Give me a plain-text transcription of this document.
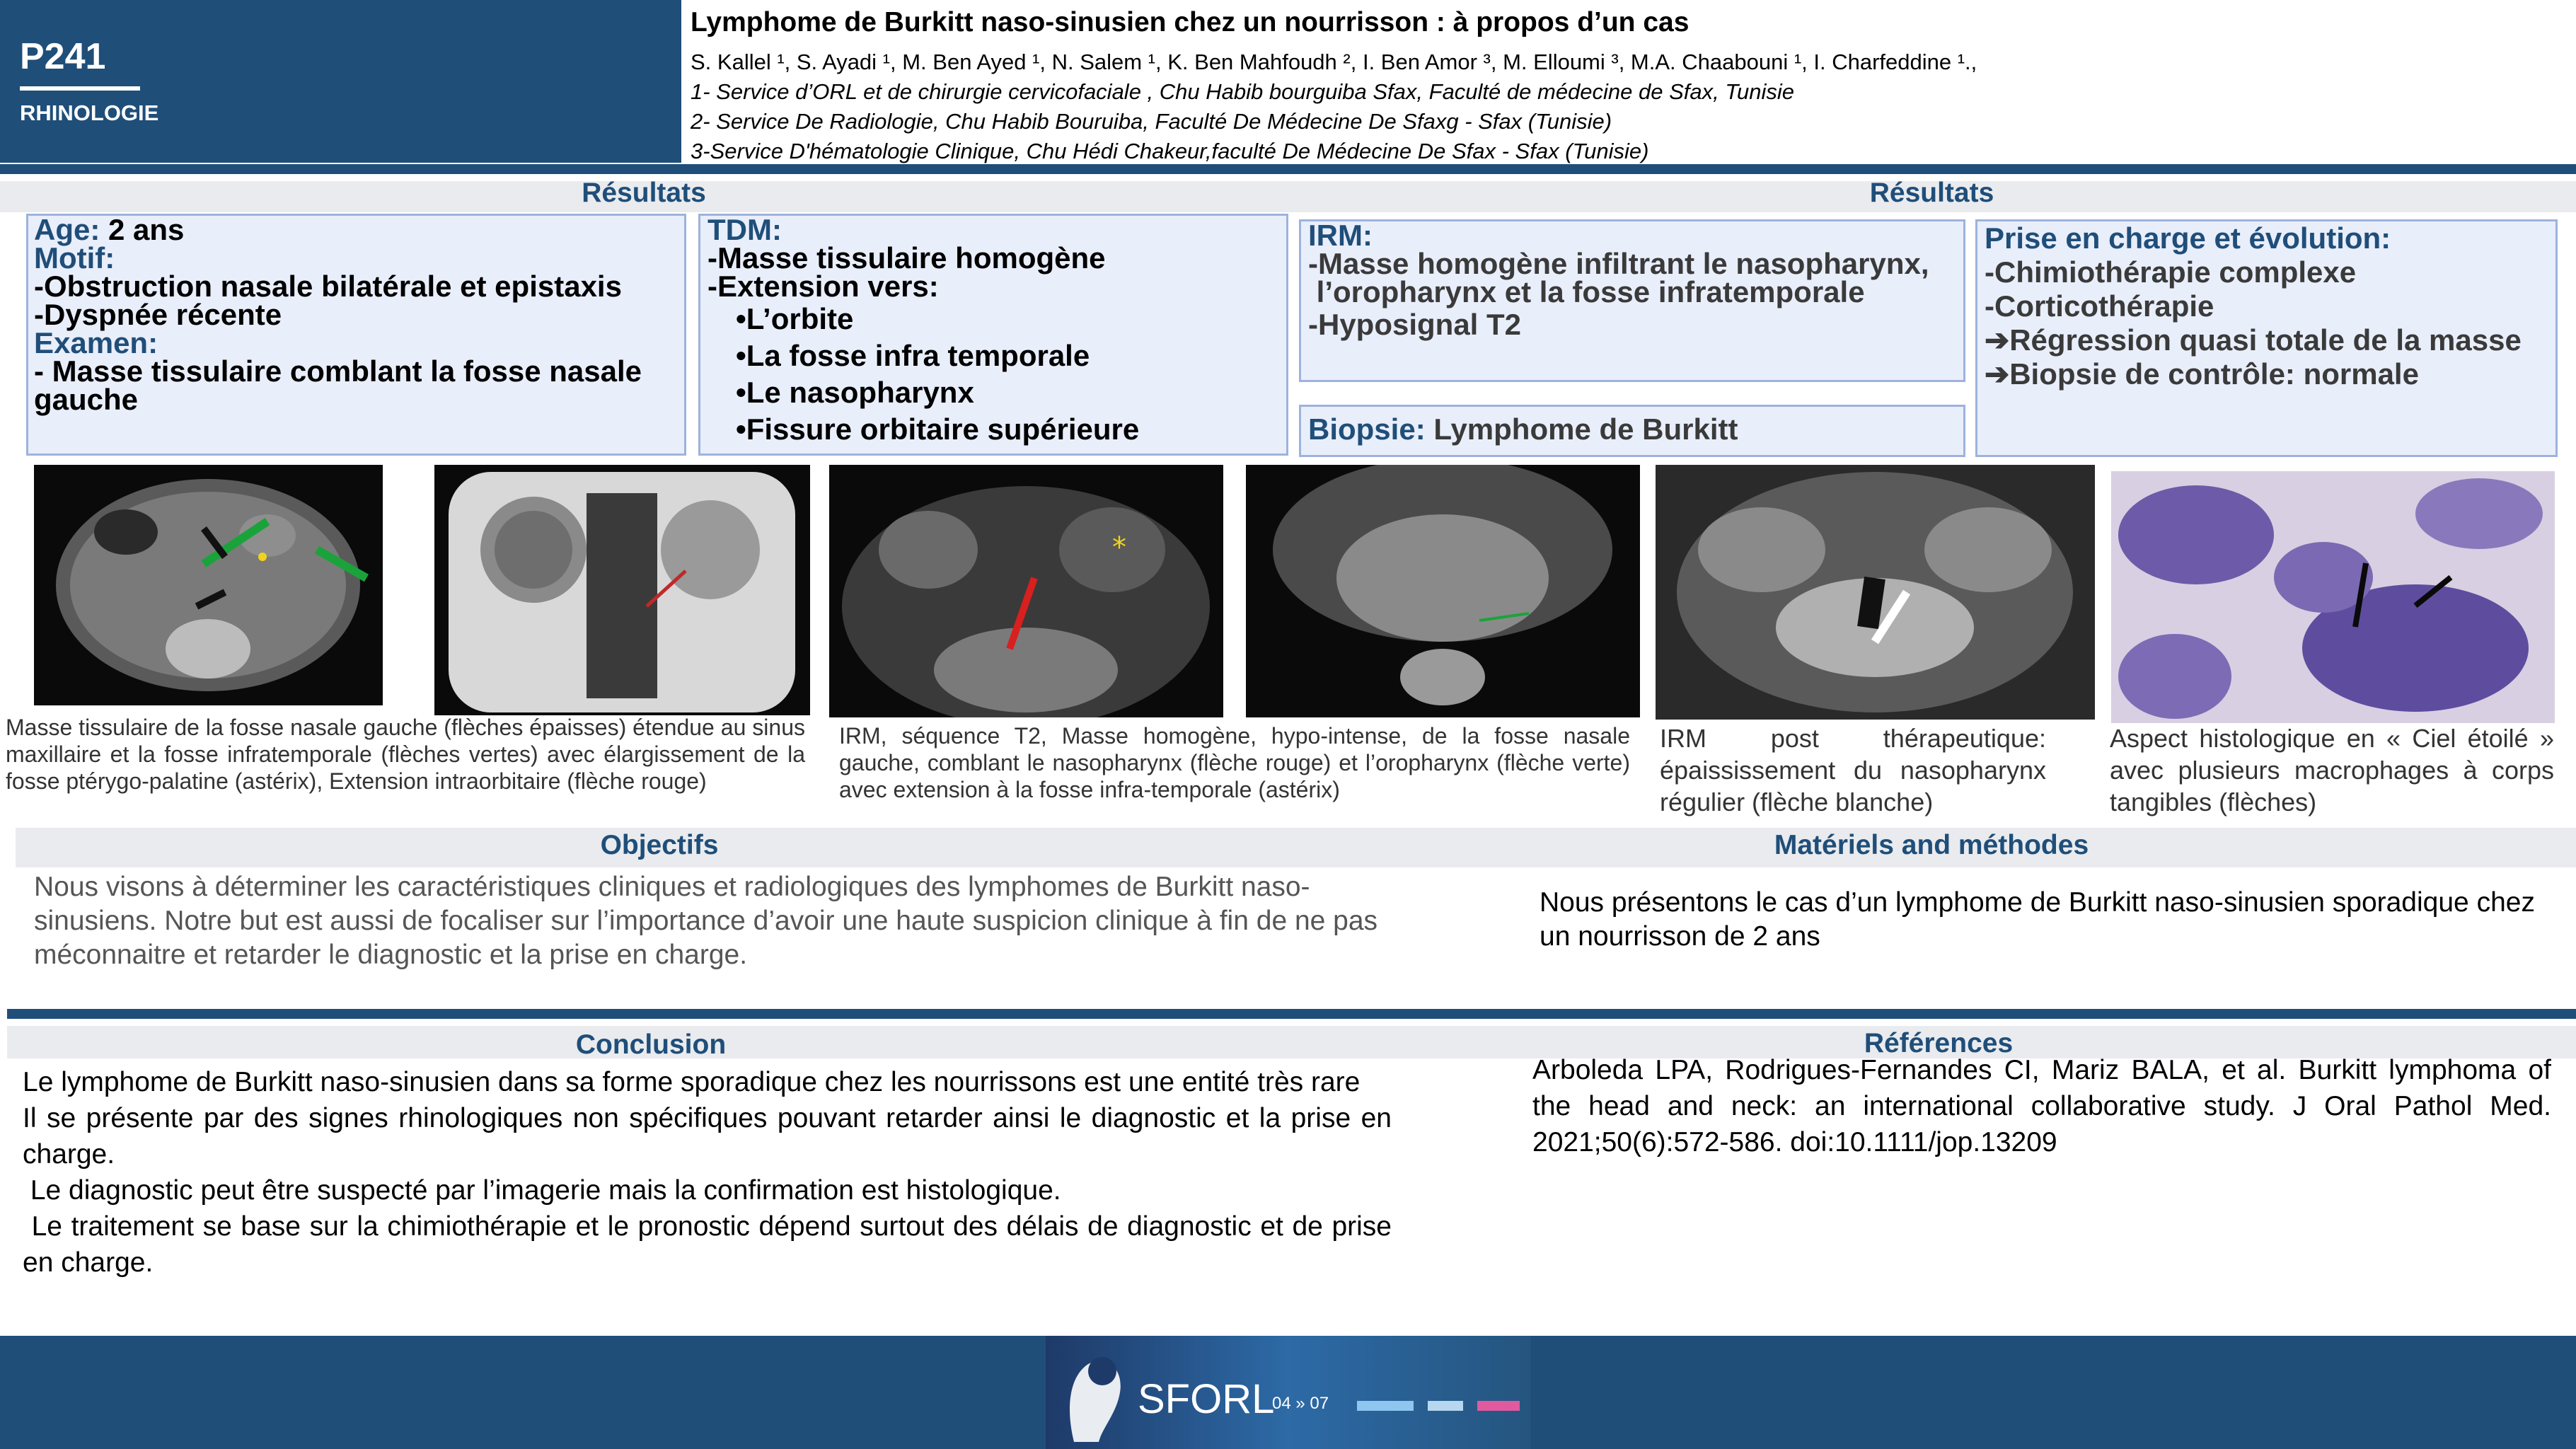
P241
RHINOLOGIE
Lymphome de Burkitt naso-sinusien chez un nourrisson : à propos d’un cas
S. Kallel ¹, S. Ayadi ¹, M. Ben Ayed ¹, N. Salem ¹, K. Ben Mahfoudh ², I. Ben Amor ³, M. Elloumi ³, M.A. Chaabouni ¹, I. Charfeddine ¹.,
1- Service d’ORL et de chirurgie cervicofaciale , Chu Habib bourguiba Sfax, Faculté de médecine de Sfax, Tunisie
2- Service De Radiologie, Chu Habib Bouruiba, Faculté De Médecine De Sfaxg - Sfax (Tunisie)
3-Service D'hématologie Clinique, Chu Hédi Chakeur,faculté De Médecine De Sfax - Sfax (Tunisie)
Résultats	Résultats

Age: 2 ans

Motif:

-Obstruction nasale bilatérale et epistaxis

-Dyspnée récente

Examen:

- Masse tissulaire comblant la fosse nasale gauche

TDM:

-Masse tissulaire homogène

-Extension vers:

•L’orbite

•La fosse infra temporale

•Le nasopharynx

•Fissure orbitaire supérieure

IRM:

-Masse homogène infiltrant le nasopharynx,

l’oropharynx et la fosse infratemporale

-Hyposignal T2

Biopsie: Lymphome de Burkitt

Prise en charge et évolution:

-Chimiothérapie complexe

-Corticothérapie

➔Régression quasi totale de la masse

➔Biopsie de contrôle: normale

*
Masse tissulaire de la fosse nasale gauche (flèches épaisses) étendue au sinus maxillaire et la fosse infratemporale (flèches vertes) avec élargissement de la fosse ptérygo-palatine (astérix), Extension intraorbitaire (flèche rouge)
IRM, séquence T2, Masse homogène, hypo-intense, de la fosse nasale gauche, comblant le nasopharynx (flèche rouge) et l’oropharynx (flèche verte) avec extension à la fosse infra-temporale (astérix)
IRM post thérapeutique: épaississement du nasopharynx régulier (flèche blanche)
Aspect histologique en « Ciel étoilé » avec plusieurs macrophages à corps tangibles (flèches)
Objectifs	Matériels and méthodes
Nous visons à déterminer les caractéristiques cliniques et radiologiques des lymphomes de Burkitt naso-sinusiens. Notre but est aussi de focaliser sur l’importance d’avoir une haute suspicion clinique à fin de ne pas méconnaitre et retarder le diagnostic et la prise en charge.
Nous présentons le cas d’un lymphome de Burkitt naso-sinusien sporadique chez un nourrisson de 2 ans
Conclusion	Références
Le lymphome de Burkitt naso-sinusien dans sa forme sporadique chez les nourrissons est une entité très rare
Il se présente par des signes rhinologiques non spécifiques pouvant retarder ainsi le diagnostic et la prise en charge.
Le diagnostic peut être suspecté par l’imagerie mais la confirmation est histologique.
Le traitement se base sur la chimiothérapie et le pronostic dépend surtout des délais de diagnostic et de prise en charge.
Arboleda LPA, Rodrigues-Fernandes CI, Mariz BALA, et al. Burkitt lymphoma of the head and neck: an international collaborative study. J Oral Pathol Med. 2021;50(6):572-586. doi:10.1111/jop.13209
SFORL
04 » 07
